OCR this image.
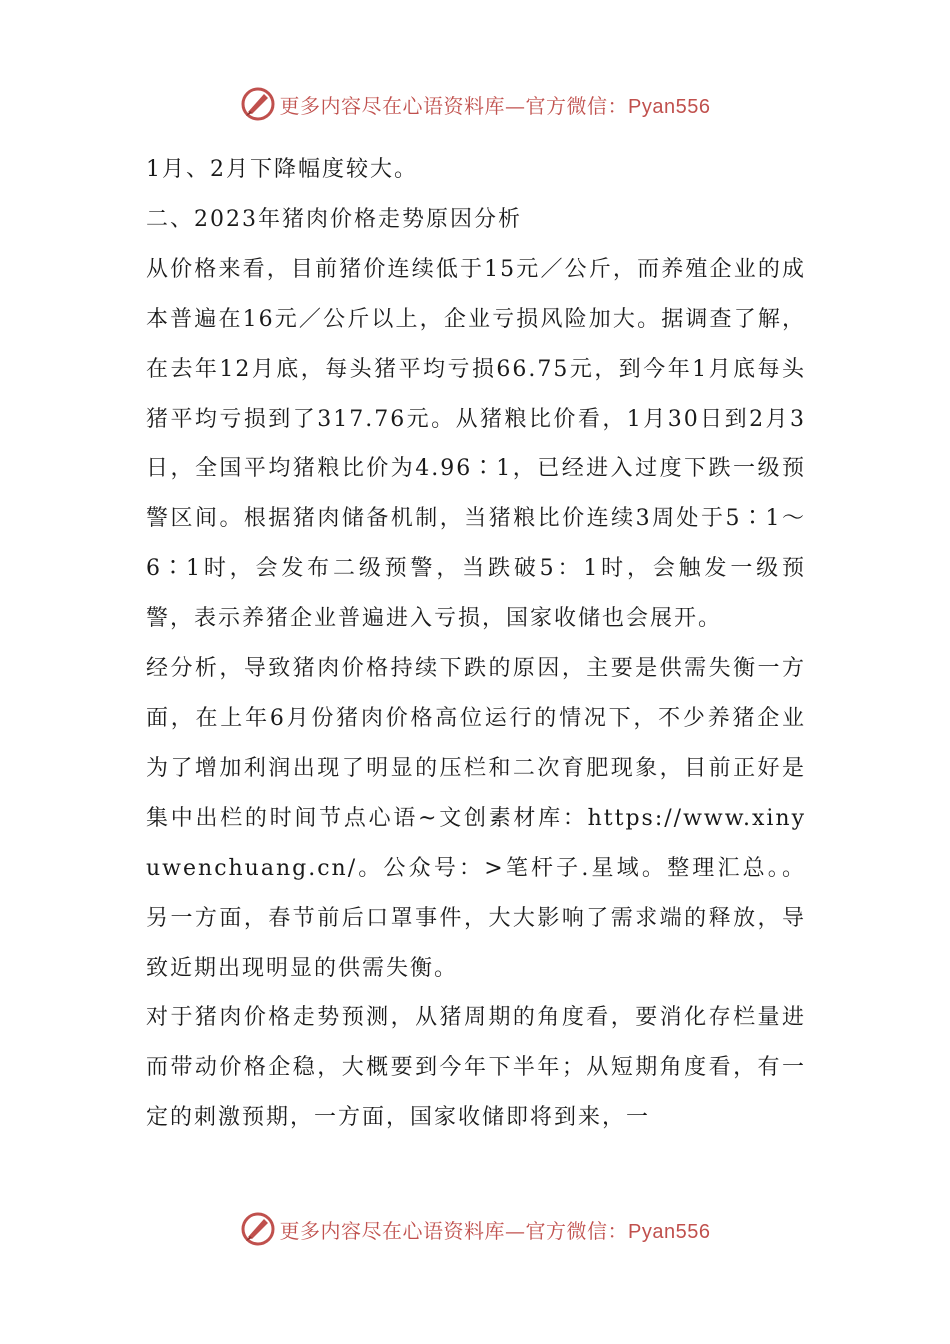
更多内容尽在心语资料库—官方微信：Pyan556

1月、2月下降幅度较大。

二、2023年猪肉价格走势原因分析

从价格来看，目前猪价连续低于15元／公斤，而养殖企业的成本普遍在16元／公斤以上，企业亏损风险加大。据调查了解，在去年12月底，每头猪平均亏损66.75元，到今年1月底每头猪平均亏损到了317.76元。从猪粮比价看，1月30日到2月3日，全国平均猪粮比价为4.96∶1，已经进入过度下跌一级预警区间。根据猪肉储备机制，当猪粮比价连续3周处于5∶1～6∶1时，会发布二级预警，当跌破5：1时，会触发一级预警，表示养猪企业普遍进入亏损，国家收储也会展开。

经分析，导致猪肉价格持续下跌的原因，主要是供需失衡一方面，在上年6月份猪肉价格高位运行的情况下，不少养猪企业为了增加利润出现了明显的压栏和二次育肥现象，目前正好是集中出栏的时间节点心语~文创素材库：https://www.xinyuwenchuang.cn/。公众号：>笔杆子.星域。整理汇总。。另一方面，春节前后口罩事件，大大影响了需求端的释放，导致近期出现明显的供需失衡。

对于猪肉价格走势预测，从猪周期的角度看，要消化存栏量进而带动价格企稳，大概要到今年下半年；从短期角度看，有一定的刺激预期，一方面，国家收储即将到来，一

更多内容尽在心语资料库—官方微信：Pyan556
